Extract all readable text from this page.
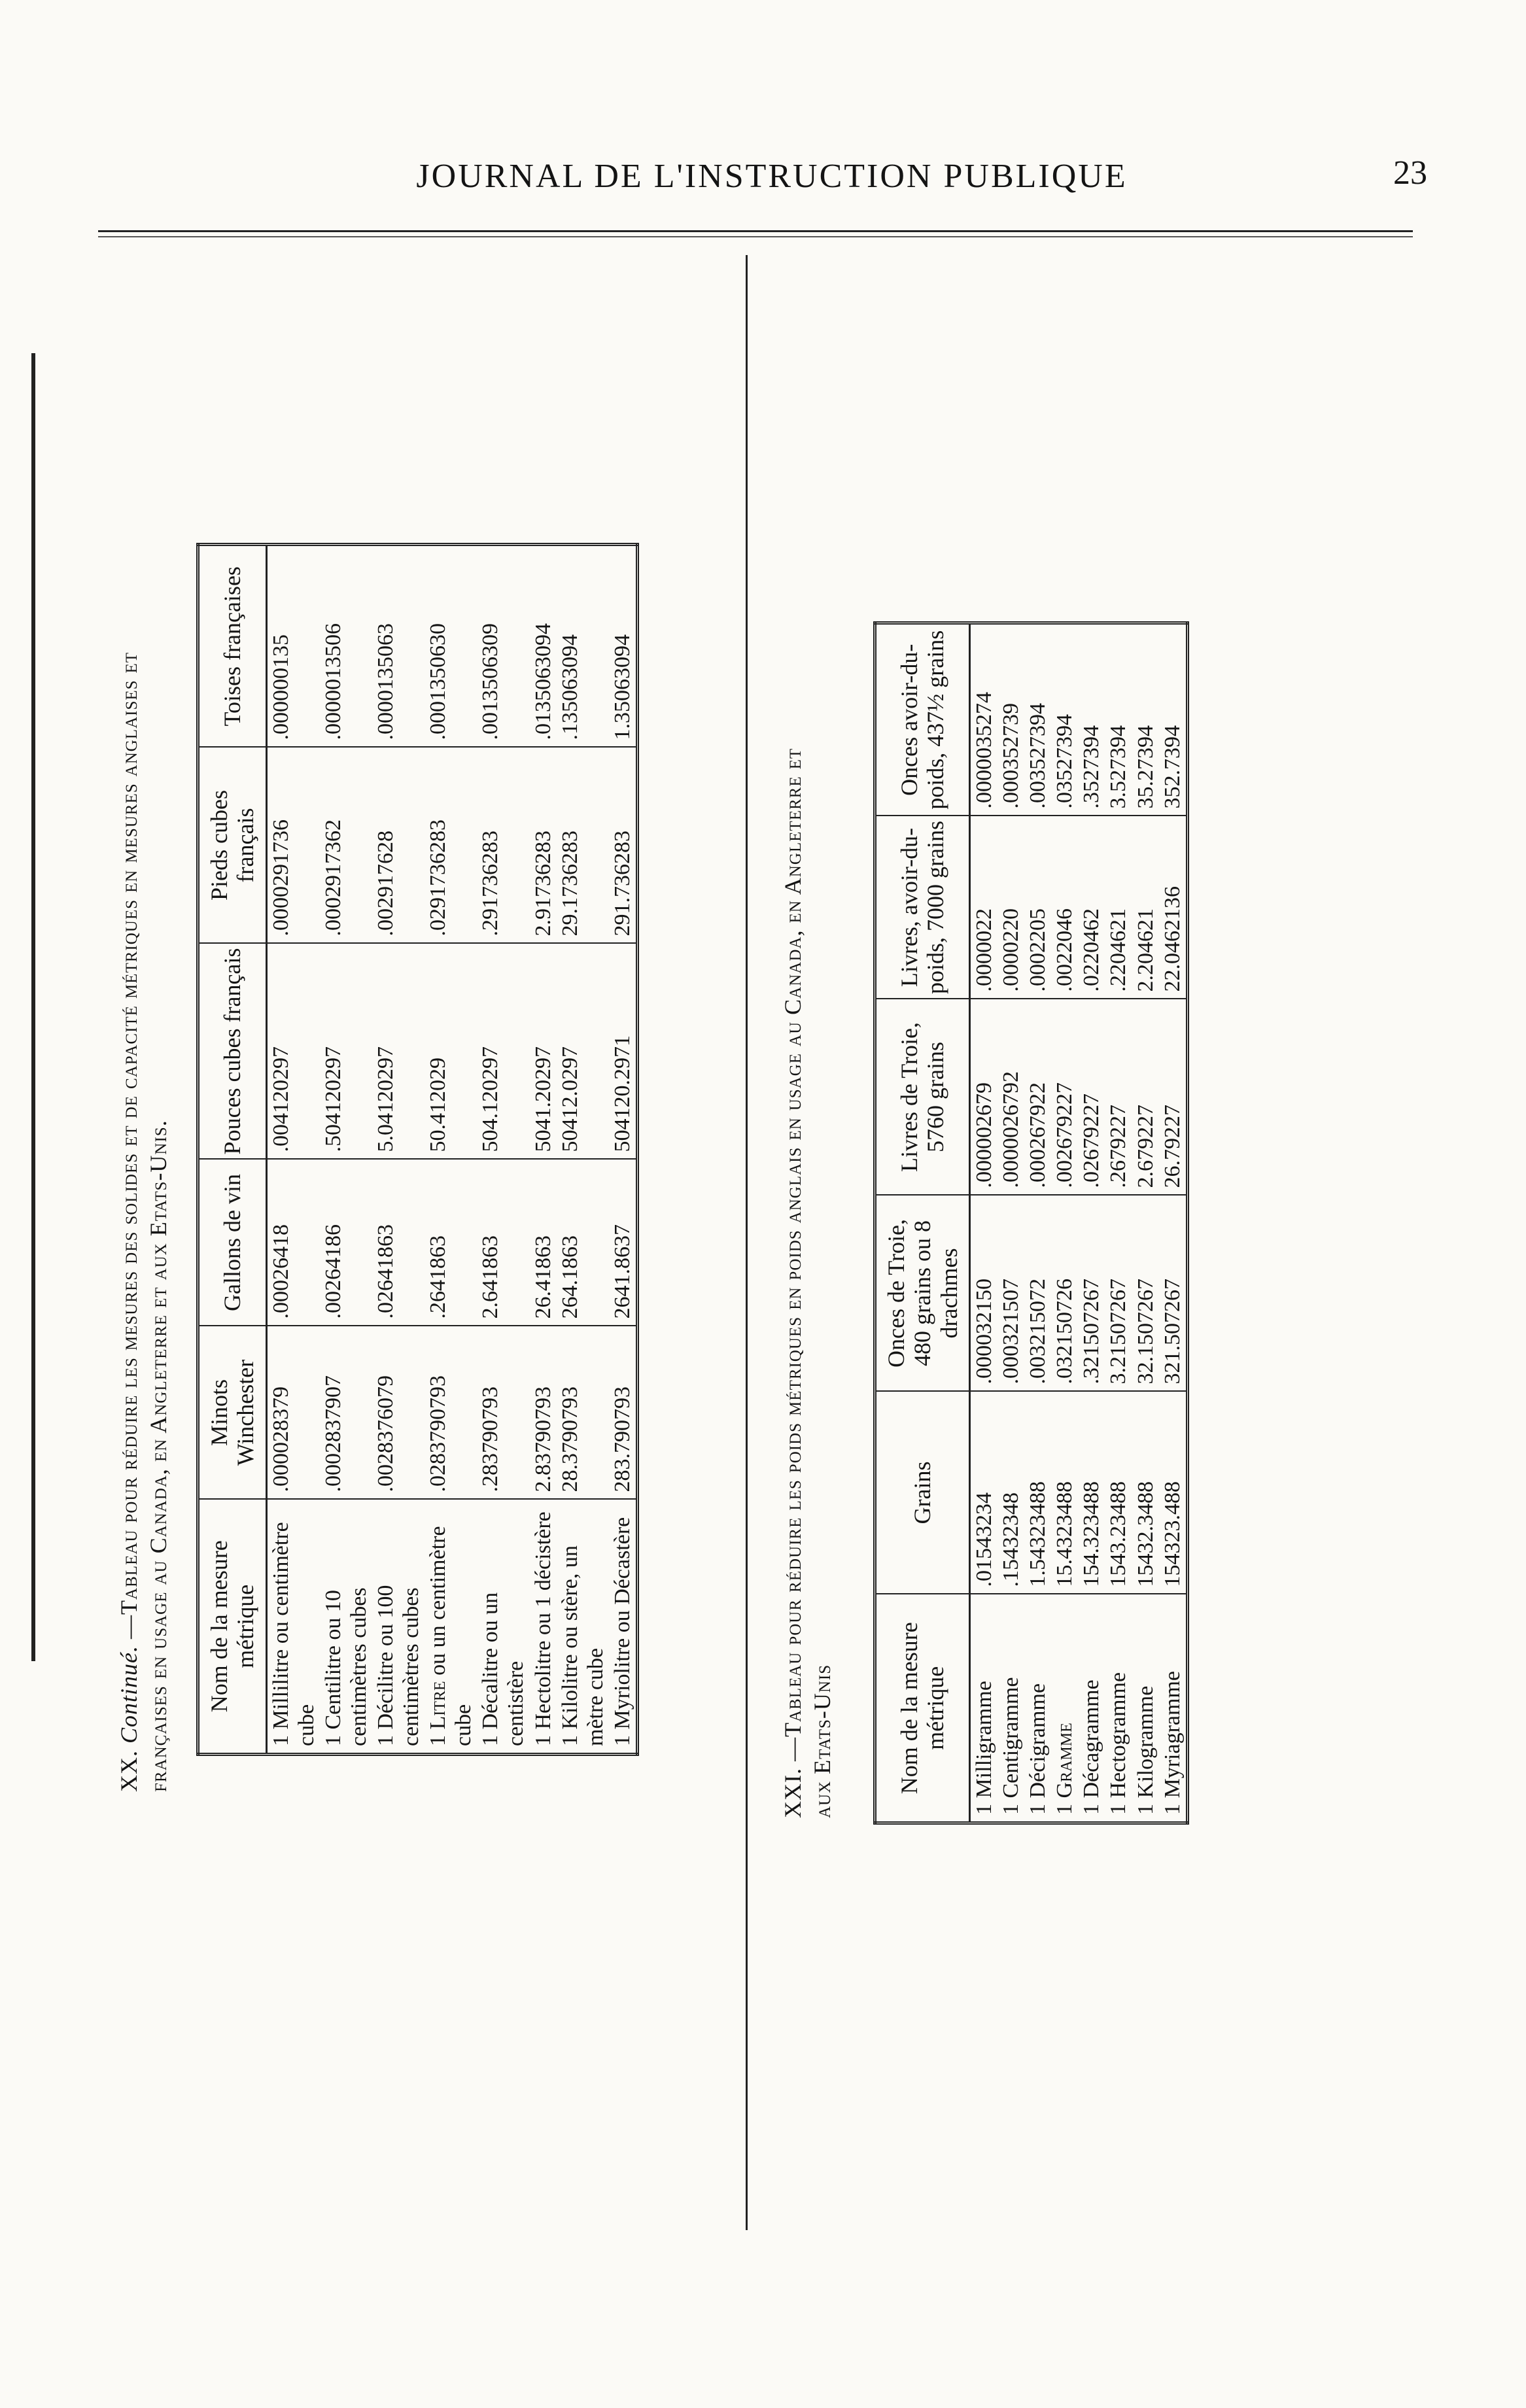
JOURNAL DE L'INSTRUCTION PUBLIQUE	23
XX. Continué. —Tableau pour réduire les mesures des solides et de capacité métriques en mesures anglaises et françaises en usage au Canada, en Angleterre et aux Etats-Unis. Nom de la mesure métrique	Minots Winchester	Gallons de vin	Pouces cubes français	Pieds cubes français	Toises françaises
1 Millilitre ou centimètre cube	.000028379	.00026418	.004120297	.0000291736	.000000135
1 Centilitre ou 10 centimètres cubes	.0002837907	.00264186	.504120297	.0002917362	.0000013506
1 Décilitre ou 100 centimètres cubes	.0028376079	.02641863	5.04120297	.002917628	.0000135063
1 Litre ou un centimètre cube	.0283790793	.2641863	50.412029	.0291736283	.0001350630
1 Décalitre ou un centistère	.283790793	2.641863	504.120297	.291736283	.0013506309
1 Hectolitre ou 1 décistère	2.83790793	26.41863	5041.20297	2.91736283	.0135063094
1 Kilolitre ou stère, un mètre cube	28.3790793	264.1863	50412.0297	29.1736283	.135063094
1 Myriolitre ou Décastère	283.790793	2641.8637	504120.2971	291.736283	1.35063094
XXI. —Tableau pour réduire les poids métriques en poids anglais en usage au Canada, en Angleterre et aux Etats-Unis	Nom de la mesure métrique	Grains	Onces de Troie, 480 grains ou 8 drachmes	Livres de Troie, 5760 grains	Livres, avoir-du-poids, 7000 grains	Onces avoir-du-poids, 437½ grains
1 Milligramme	.01543234	.000032150	.000002679	.0000022	.0000035274
1 Centigramme	.15432348	.000321507	.0000026792	.0000220	.000352739
1 Décigramme	1.54323488	.003215072	.000267922	.0002205	.003527394
1 Gramme	15.4323488	.032150726	.002679227	.0022046	.03527394
1 Décagramme	154.323488	.321507267	.02679227	.0220462	.3527394
1 Hectogramme	1543.23488	3.21507267	.2679227	.2204621	3.527394
1 Kilogramme	15432.3488	32.1507267	2.679227	2.204621	35.27394
1 Myriagramme	154323.488	321.507267	26.79227	22.0462136	352.7394
